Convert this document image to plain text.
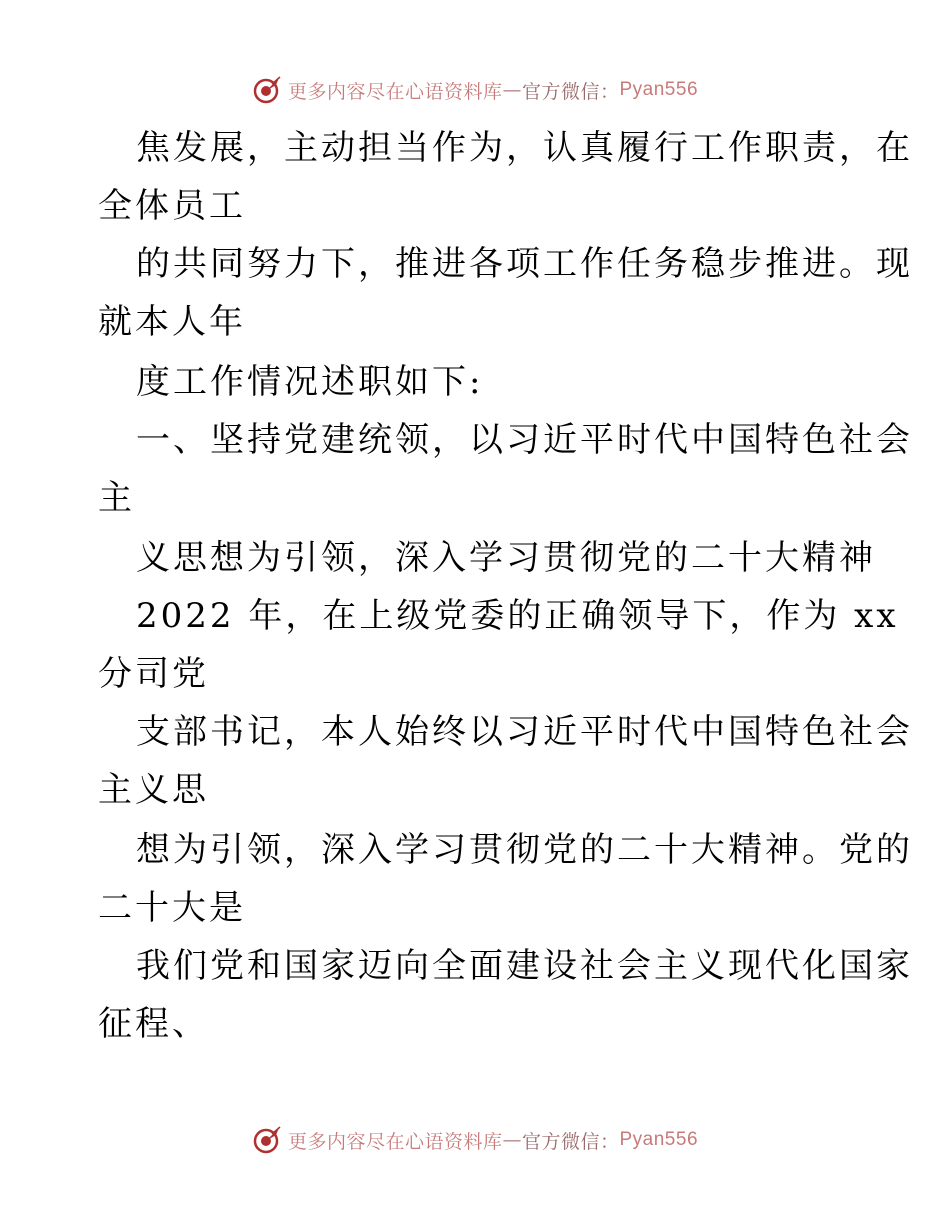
更多内容尽在心语资料库 — 官方微信： Pyan556
焦发展，主动担当作为，认真履行工作职责，在
全体员工
的共同努力下，推进各项工作任务稳步推进。现
就本人年
度工作情况述职如下:
一、坚持党建统领，以习近平时代中国特色社会
主
义思想为引领，深入学习贯彻党的二十大精神
2022 年，在上级党委的正确领导下，作为 xx
分司党
支部书记，本人始终以习近平时代中国特色社会
主义思
想为引领，深入学习贯彻党的二十大精神。党的
二十大是
我们党和国家迈向全面建设社会主义现代化国家
征程、
更多内容尽在心语资料库 — 官方微信： Pyan556
